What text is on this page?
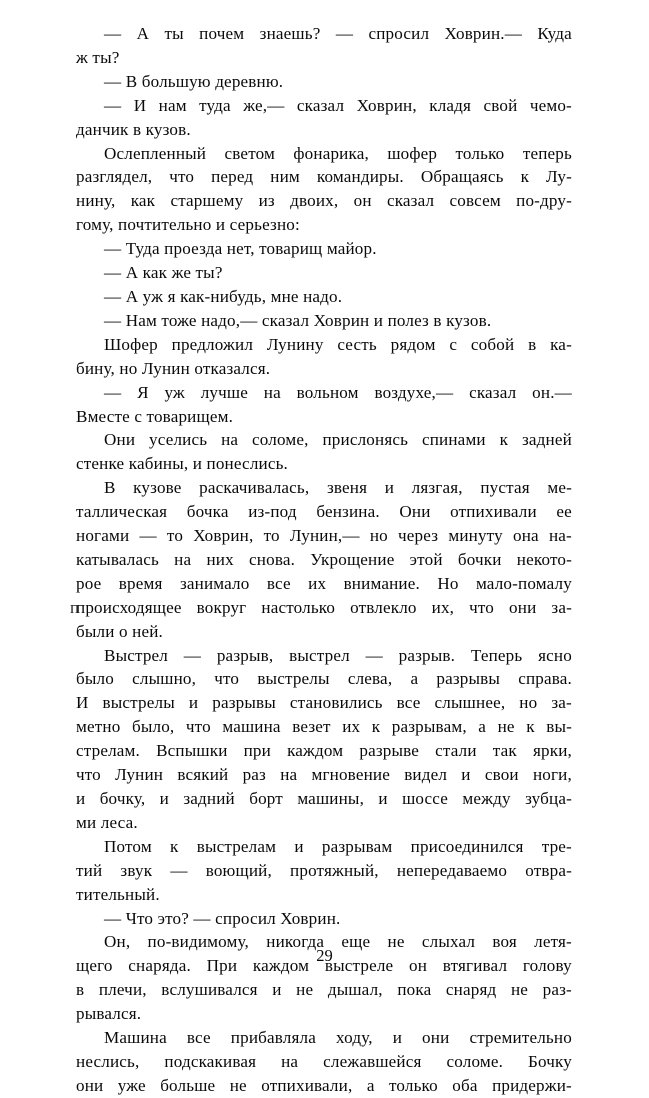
— А ты почем знаешь? — спросил Ховрин.— Куда
ж ты?

— В большую деревню.

— И нам туда же,— сказал Ховрин, кладя свой чемо-
данчик в кузов.

Ослепленный светом фонарика, шофер только теперь
разглядел, что перед ним командиры. Обращаясь к Лу-
нину, как старшему из двоих, он сказал совсем по-дру-
гому, почтительно и серьезно:

— Туда проезда нет, товарищ майор.

— А как же ты?

— А уж я как-нибудь, мне надо.

— Нам тоже надо,— сказал Ховрин и полез в кузов.

Шофер предложил Лунину сесть рядом с собой в ка-
бину, но Лунин отказался.

— Я уж лучше на вольном воздухе,— сказал он.—
Вместе с товарищем.

Они уселись на соломе, прислонясь спинами к задней
стенке кабины, и понеслись.

В кузове раскачивалась, звеня и лязгая, пустая ме-
таллическая бочка из-под бензина. Они отпихивали ее
ногами — то Ховрин, то Лунин,— но через минуту она на-
катывалась на них снова. Укрощение этой бочки некото-
рое время занимало все их внимание. Но мало-помалу
п происходящее вокруг настолько отвлекло их, что они за-
были о ней.

Выстрел — разрыв, выстрел — разрыв. Теперь ясно
было слышно, что выстрелы слева, а разрывы справа.
И выстрелы и разрывы становились все слышнее, но за-
метно было, что машина везет их к разрывам, а не к вы-
стрелам. Вспышки при каждом разрыве стали так ярки,
что Лунин всякий раз на мгновение видел и свои ноги,
и бочку, и задний борт машины, и шоссе между зубца-
ми леса.

Потом к выстрелам и разрывам присоединился тре-
тий звук — воющий, протяжный, непередаваемо отвра-
тительный.

— Что это? — спросил Ховрин.

Он, по-видимому, никогда еще не слыхал воя летя-
щего снаряда. При каждом выстреле он втягивал голову
в плечи, вслушивался и не дышал, пока снаряд не раз-
рывался.

Машина все прибавляла ходу, и они стремительно
неслись, подскакивая на слежавшейся соломе. Бочку
они уже больше не отпихивали, а только оба придержи-

29
